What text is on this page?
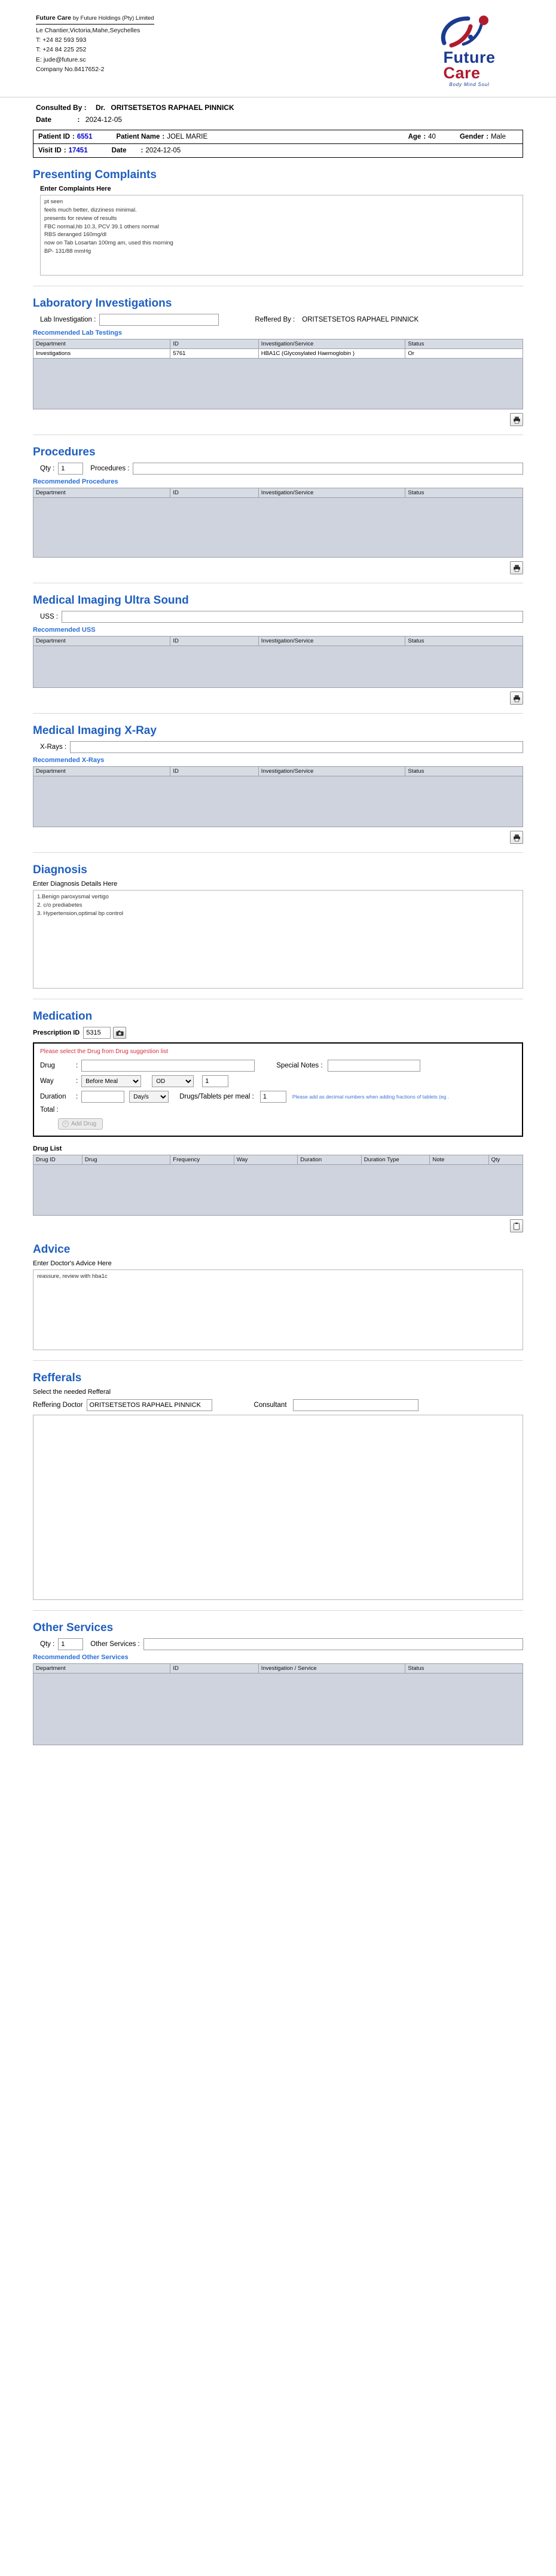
Future Care by Future Holdings (Pty) Limited
Le Chantier,Victoria,Mahe,Seychelles
T: +24 82 593 593
T: +24 84 225 252
E: jude@future.sc
Company No.8417652-2
Future
Care
Body Mind Soul
Consulted By : Dr. ORITSETSETOS RAPHAEL PINNICK
Date	: 2024-12-05
Patient ID : 6551	Patient Name : JOEL MARIE	Age : 40	Gender : Male
Visit ID : 17451	Date : 2024-12-05
Presenting Complaints
Enter Complaints Here
pt seen feels much better, dizziness minimal. presents for review of results FBC normal,hb 10.3, PCV 39.1 others normal RBS deranged 160mg/dl now on Tab Losartan 100mg am, used this morning BP- 131/88 mmHg
Laboratory Investigations
Lab Investigation :	Reffered By : ORITSETSETOS RAPHAEL PINNICK
Recommended Lab Testings
Department	ID	Investigation/Service	Status
Investigations	5761	HBA1C (Glycosylated Haemoglobin )	Or
Procedures
Qty :
1	Procedures :
Recommended Procedures
Department	ID	Investigation/Service	Status
Medical Imaging Ultra Sound
USS :
Recommended USS
Department	ID	Investigation/Service	Status
Medical Imaging X-Ray
X-Rays :
Recommended X-Rays
Department	ID	Investigation/Service	Status
Diagnosis
Enter Diagnosis Details Here
1.Benign paroxysmal vertigo 2. c/o prediabetes 3. Hypertension,optimal bp control
Medication
Prescription ID
5315
Please select the Drug from Drug suggestion list
Drug	:	Special Notes :
Way	:
Before Meal
OD
1
Duration	:
Day/s	Drugs/Tablets per meal :
1	Please add as decimal numbers when adding fractions of tablets (eg .
Total :
+ Add Drug
Drug List
Drug ID	Drug	Frequency	Way	Duration	Duration Type	Note	Qty
Advice
Enter Doctor's Advice Here
reassure, review with hba1c
Refferals
Select the needed Refferal
Reffering Doctor
ORITSETSETOS RAPHAEL PINNICK	Consultant
Other Services
Qty :
1	Other Services :
Recommended Other Services
Department	ID	Investigation / Service	Status
